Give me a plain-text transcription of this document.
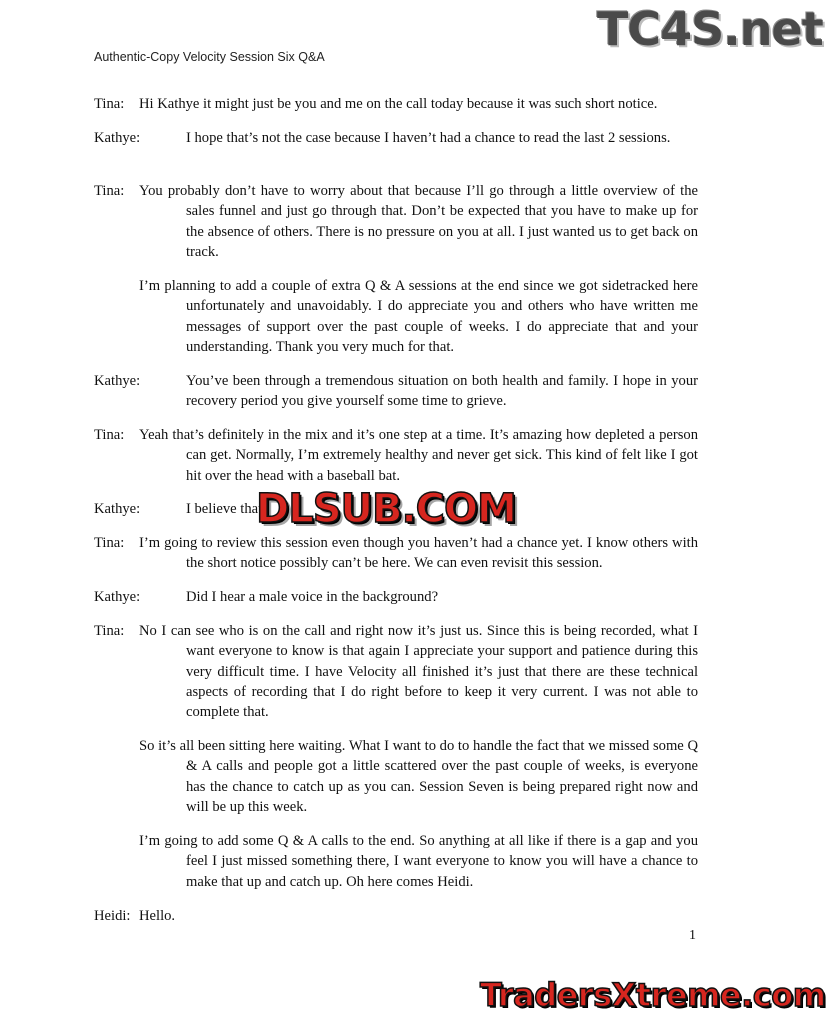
Authentic-Copy Velocity Session Six Q&A
TC4S.net
Tina:	Hi Kathye it might just be you and me on the call today because it was such short notice.
Kathye:	I hope that’s not the case because I haven’t had a chance to read the last 2 sessions.
Tina:	You probably don’t have to worry about that because I’ll go through a little overview of the sales funnel and just go through that. Don’t be expected that you have to make up for the absence of others. There is no pressure on you at all. I just wanted us to get back on track.
I’m planning to add a couple of extra Q & A sessions at the end since we got sidetracked here unfortunately and unavoidably. I do appreciate you and others who have written me messages of support over the past couple of weeks. I do appreciate that and your understanding. Thank you very much for that.
Kathye:	You’ve been through a tremendous situation on both health and family. I hope in your recovery period you give yourself some time to grieve.
Tina:	Yeah that’s definitely in the mix and it’s one step at a time. It’s amazing how depleted a person can get. Normally, I’m extremely healthy and never get sick. This kind of felt like I got hit over the head with a baseball bat.
Kathye:	I believe that
Tina:	I’m going to review this session even though you haven’t had a chance yet. I know others with the short notice possibly can’t be here. We can even revisit this session.
Kathye:	Did I hear a male voice in the background?
Tina:	No I can see who is on the call and right now it’s just us. Since this is being recorded, what I want everyone to know is that again I appreciate your support and patience during this very difficult time. I have Velocity all finished it’s just that there are these technical aspects of recording that I do right before to keep it very current. I was not able to complete that.
So it’s all been sitting here waiting. What I want to do to handle the fact that we missed some Q & A calls and people got a little scattered over the past couple of weeks, is everyone has the chance to catch up as you can. Session Seven is being prepared right now and will be up this week.
I’m going to add some Q & A calls to the end. So anything at all like if there is a gap and you feel I just missed something there, I want everyone to know you will have a chance to make that up and catch up. Oh here comes Heidi.
Heidi: Hello.
DLSUB.COM
1
TradersXtreme.com
